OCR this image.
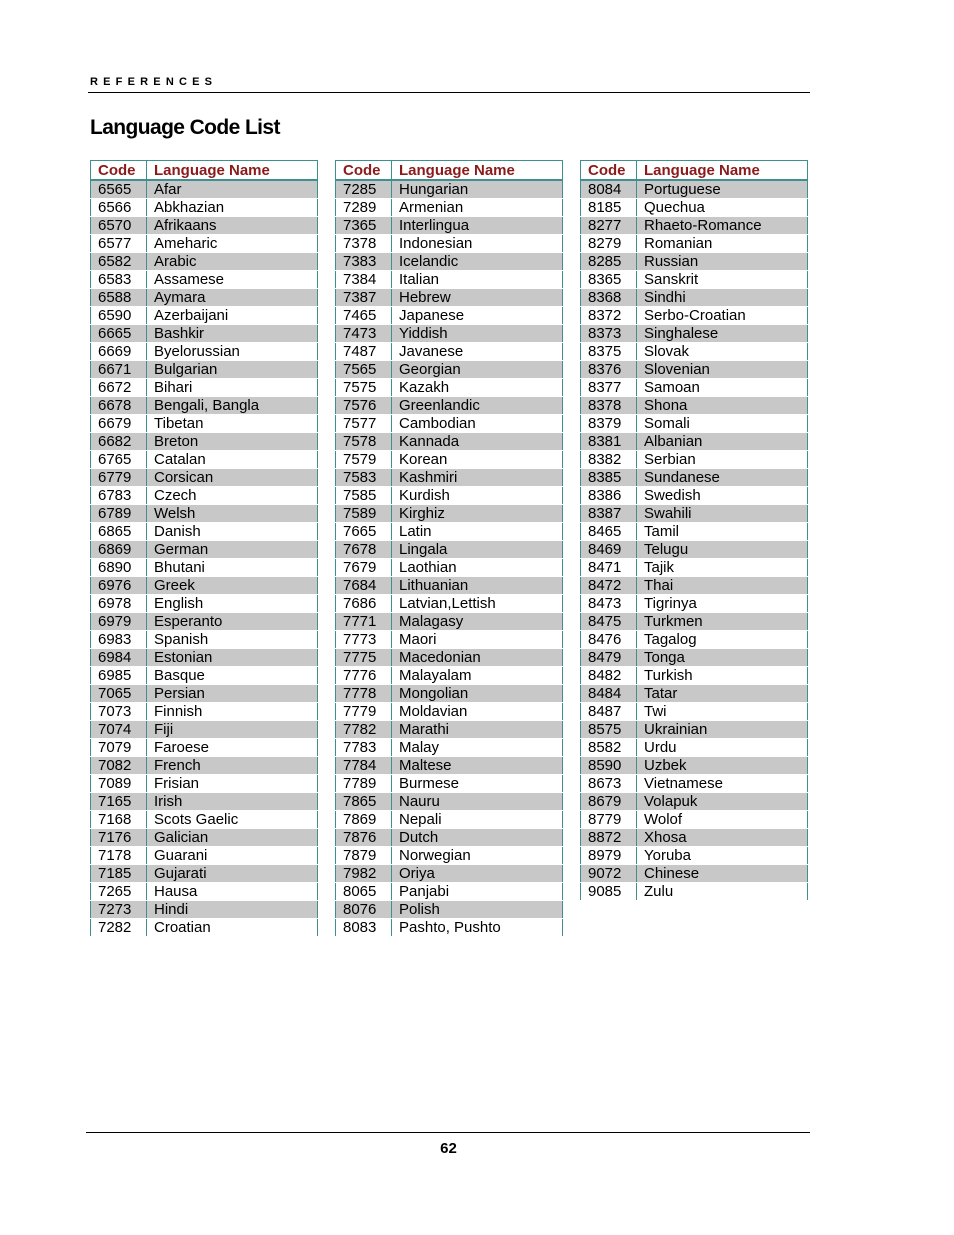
REFERENCES
Language Code List
Code	Language Name
6565	Afar
6566	Abkhazian
6570	Afrikaans
6577	Ameharic
6582	Arabic
6583	Assamese
6588	Aymara
6590	Azerbaijani
6665	Bashkir
6669	Byelorussian
6671	Bulgarian
6672	Bihari
6678	Bengali, Bangla
6679	Tibetan
6682	Breton
6765	Catalan
6779	Corsican
6783	Czech
6789	Welsh
6865	Danish
6869	German
6890	Bhutani
6976	Greek
6978	English
6979	Esperanto
6983	Spanish
6984	Estonian
6985	Basque
7065	Persian
7073	Finnish
7074	Fiji
7079	Faroese
7082	French
7089	Frisian
7165	Irish
7168	Scots Gaelic
7176	Galician
7178	Guarani
7185	Gujarati
7265	Hausa
7273	Hindi
7282	Croatian
Code	Language Name
7285	Hungarian
7289	Armenian
7365	Interlingua
7378	Indonesian
7383	Icelandic
7384	Italian
7387	Hebrew
7465	Japanese
7473	Yiddish
7487	Javanese
7565	Georgian
7575	Kazakh
7576	Greenlandic
7577	Cambodian
7578	Kannada
7579	Korean
7583	Kashmiri
7585	Kurdish
7589	Kirghiz
7665	Latin
7678	Lingala
7679	Laothian
7684	Lithuanian
7686	Latvian,Lettish
7771	Malagasy
7773	Maori
7775	Macedonian
7776	Malayalam
7778	Mongolian
7779	Moldavian
7782	Marathi
7783	Malay
7784	Maltese
7789	Burmese
7865	Nauru
7869	Nepali
7876	Dutch
7879	Norwegian
7982	Oriya
8065	Panjabi
8076	Polish
8083	Pashto, Pushto
Code	Language Name
8084	Portuguese
8185	Quechua
8277	Rhaeto-Romance
8279	Romanian
8285	Russian
8365	Sanskrit
8368	Sindhi
8372	Serbo-Croatian
8373	Singhalese
8375	Slovak
8376	Slovenian
8377	Samoan
8378	Shona
8379	Somali
8381	Albanian
8382	Serbian
8385	Sundanese
8386	Swedish
8387	Swahili
8465	Tamil
8469	Telugu
8471	Tajik
8472	Thai
8473	Tigrinya
8475	Turkmen
8476	Tagalog
8479	Tonga
8482	Turkish
8484	Tatar
8487	Twi
8575	Ukrainian
8582	Urdu
8590	Uzbek
8673	Vietnamese
8679	Volapuk
8779	Wolof
8872	Xhosa
8979	Yoruba
9072	Chinese
9085	Zulu
62
